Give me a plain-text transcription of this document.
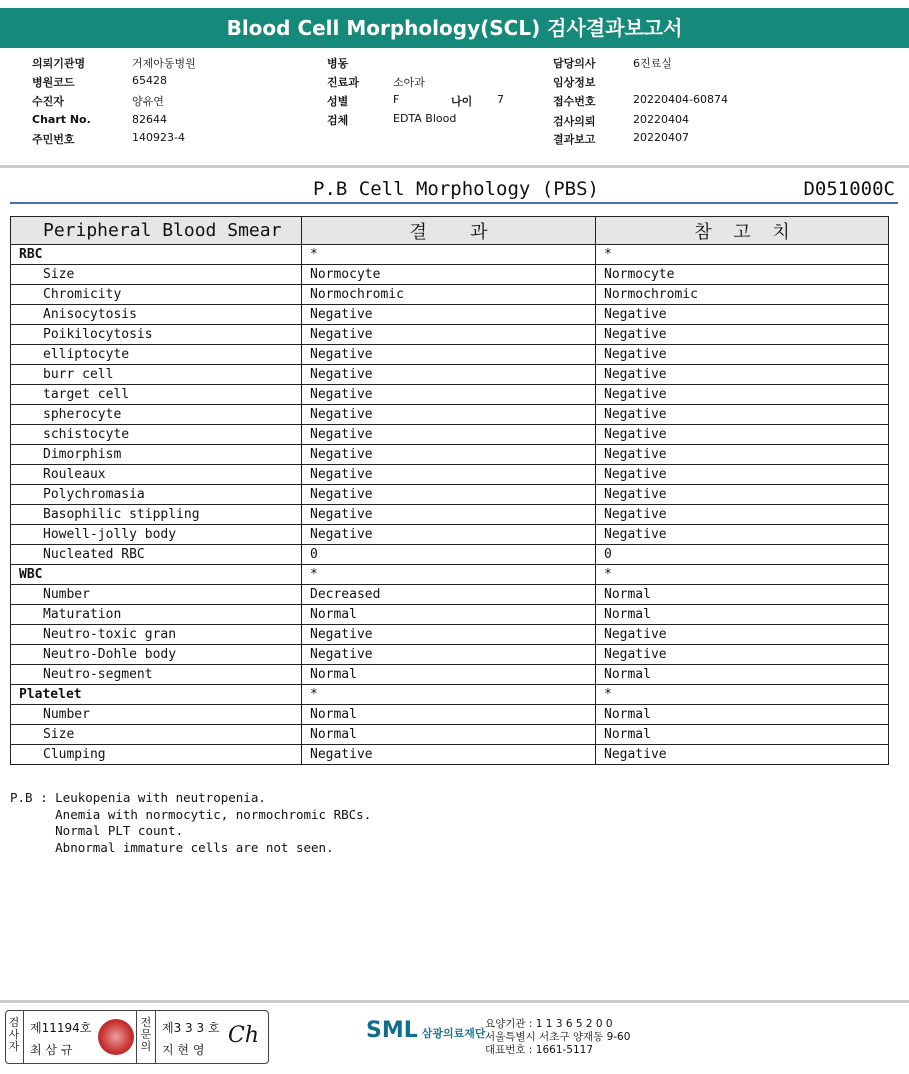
Blood Cell Morphology(SCL) 검사결과보고서
의뢰기관명	거제아동병원
병원코드	65428
수진자	양유연
Chart No.	82644
주민번호	140923-4
병동
진료과	소아과
성별	F
검체	EDTA Blood
담당의사	6진료실
임상정보
접수번호	20220404-60874
검사의뢰	20220404
결과보고	20220407
나이 7
P.B Cell Morphology (PBS)	D051000C
Peripheral Blood Smear	결    과	참  고  치
RBC	*	*
Size	Normocyte	Normocyte
Chromicity	Normochromic	Normochromic
Anisocytosis	Negative	Negative
Poikilocytosis	Negative	Negative
elliptocyte	Negative	Negative
burr cell	Negative	Negative
target cell	Negative	Negative
spherocyte	Negative	Negative
schistocyte	Negative	Negative
Dimorphism	Negative	Negative
Rouleaux	Negative	Negative
Polychromasia	Negative	Negative
Basophilic stippling	Negative	Negative
Howell-jolly body	Negative	Negative
Nucleated RBC	0	0
WBC	*	*
Number	Decreased	Normal
Maturation	Normal	Normal
Neutro-toxic gran	Negative	Negative
Neutro-Dohle body	Negative	Negative
Neutro-segment	Normal	Normal
Platelet	*	*
Number	Normal	Normal
Size	Normal	Normal
Clumping	Negative	Negative
P.B : Leukopenia with neutropenia.
Anemia with normocytic, normochromic RBCs.
Normal PLT count.
Abnormal immature cells are not seen.
검사자
제11194호
최 삼 규
전문의
제3 3 3 호
지 현 영
Ch	SML 삼광의료재단
요양기관 : 1 1 3 6 5 2 0 0
서울특별시 서초구 양재동 9-60
대표번호 : 1661-5117
